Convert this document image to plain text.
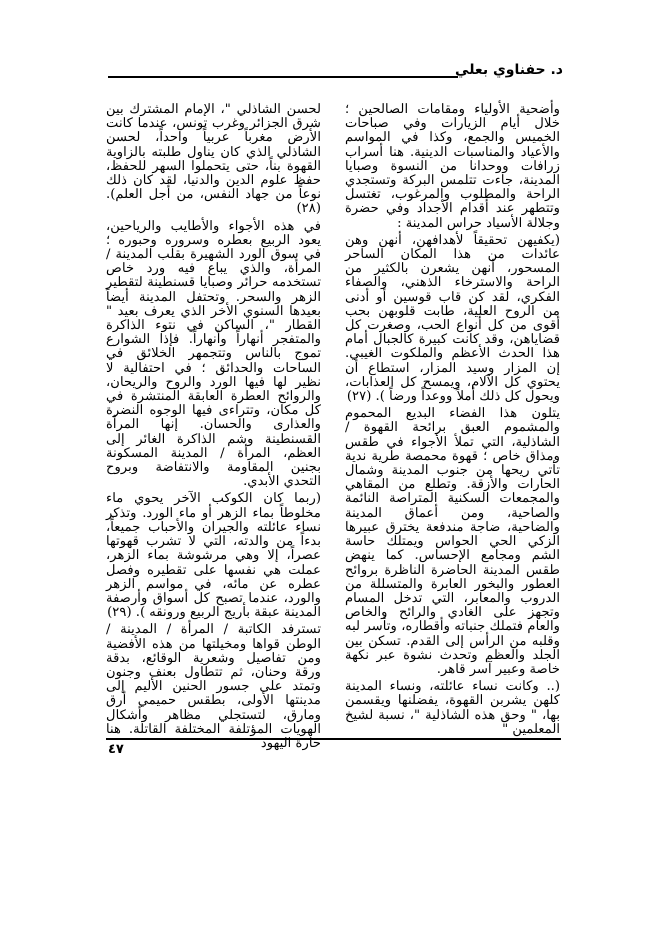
د. حفناوي بعلي

وأضحية الأولياء ومقامات الصالحين ؛ خلال أيام الزيارات وفي صباحات الخميس والجمع، وكذا في المواسم والأعياد والمناسبات الدينية. هنا أسراب زرافات ووحدانا من النسوة وصبايا المدينة، جاءت تتلمس البركة وتستجدي الراحة والمطلوب والمرغوب، تغتسل وتتطهر عند أقدام الأجداد وفي حضرة وجلالة الأسياد حراس المدينة :

(يكفيهن تحقيقاً لأهدافهن، أنهن وهن عائدات من هذا المكان الساحر المسحور، أنهن يشعرن بالكثير من الراحة والاسترخاء الذهني، والصفاء الفكري، لقد كن قاب قوسين أو أدنى من الروح العلية، طابت قلوبهن بحب أقوى من كل أنواع الحب، وصغرت كل قضاياهن، وقد كانت كبيرة كالجبال أمام هذا الحدث الأعظم والملكوت الغيبي. إن المزار وسيد المزار، استطاع أن يحتوي كل الآلام، ويمسح كل العذابات، ويحول كل ذلك أملاً ووعداً ورضاً ). (٢٧)

يتلون هذا الفضاء البديع المحموم والمشموم العبق برائحة القهوة / الشاذلية، التي تملأ الأجواء في طقس ومذاق خاص ؛ قهوة محمصة طرية ندية تأتي ريحها من جنوب المدينة وشمال الحارات والأزقة. وتطلع من المقاهي والمجمعات السكنية المتراصة النائمة والصاحية، ومن أعماق المدينة والضاحية، ضاجة مندفعة يخترق عبيرها الزكي الحي الحواس ويمتلك حاسة الشم ومجامع الإحساس. كما ينهض طقس المدينة الحاضرة الناظرة بروائح العطور والبخور العابرة والمتسللة من الدروب والمعابر، التي تدخل المسام وتجهز على الغادي والرائح والخاص والعام فتملك جنباته وأقطاره، وتأسر لبه وقلبه من الرأس إلى القدم. تسكن بين الجلد والعظم وتحدث نشوة عبر نكهة خاصة وعبير آسر قاهر.

(.. وكانت نساء عائلته، ونساء المدينة كلهن يشربن القهوة، يفضلنها ويقسمن بها، " وحق هذه الشاذلية "، نسبة لشيخ المعلمين "

لحسن الشاذلي "، الإمام المشترك بين شرق الجزائر وغرب تونس، عندما كانت الأرض مغرباً عربياً واحداً، لحسن الشاذلي الذي كان يناول طلبته بالزاوية القهوة بناً، حتى يتحملوا السهر للحفظ، حفظ علوم الدين والدنيا، لقد كان ذلك نوعاً من جهاد النفس، من أجل العلم). (٢٨)

في هذه الأجواء والأطايب والرياحين، يعود الربيع بعطره وسروره وحبوره ؛ في سوق الورد الشهيرة بقلب المدينة / المرأة، والذي يباع فيه ورد خاص تستخدمه حرائر وصبايا قسنطينة لتقطير الزهر والسحر. وتحتفل المدينة أيضاً بعيدها السنوي الأخر الذي يعرف بعيد " القطار "، الساكن في نتوء الذاكرة والمتفجر أنهاراً وأنهاراً. فإذا الشوارع تموج بالناس وتتجمهر الخلائق في الساحات والحدائق ؛ في احتفالية لا نظير لها فيها الورد والروح والريحان، والروائح العطرة العابقة المنتشرة في كل مكان، وتتراءى فيها الوجوه النضرة والعذارى والحسان. إنها المرأة القسنطينة وشم الذاكرة الغائر إلى العظم، المرأة / المدينة المسكونة بجنين المقاومة والانتفاضة وبروح التحدي الأبدي.

(ربما كان الكوكب الآخر يحوي ماء مخلوطاً بماء الزهر أو ماء الورد. وتذكر نساء عائلته والجيران والأحباب جميعاً، بدءاً من والدته، التي لا تشرب قهوتها عصراً، إلا وهي مرشوشة بماء الزهر، عملت هي نفسها على تقطيره وفصل عطره عن مائه، في مواسم الزهر والورد، عندما تصبح كل أسواق وأرصفة المدينة عبقة بأريج الربيع ورونقه ). (٢٩)

تسترفد الكاتبة / المرأة / المدينة / الوطن قواها ومخيلتها من هذه الأفضية ومن تفاصيل وشعرية الوقائع، بدقة ورقة وحنان، ثم تتطاول بعنف وجنون وتمتد على جسور الحنين الأليم إلى مدينتها الأولى، بطقس حميمي أرق ومارق، لتستجلي مظاهر وأشكال الهويات المؤتلفة المختلفة القاتلة. هنا حارة اليهود

٤٧
